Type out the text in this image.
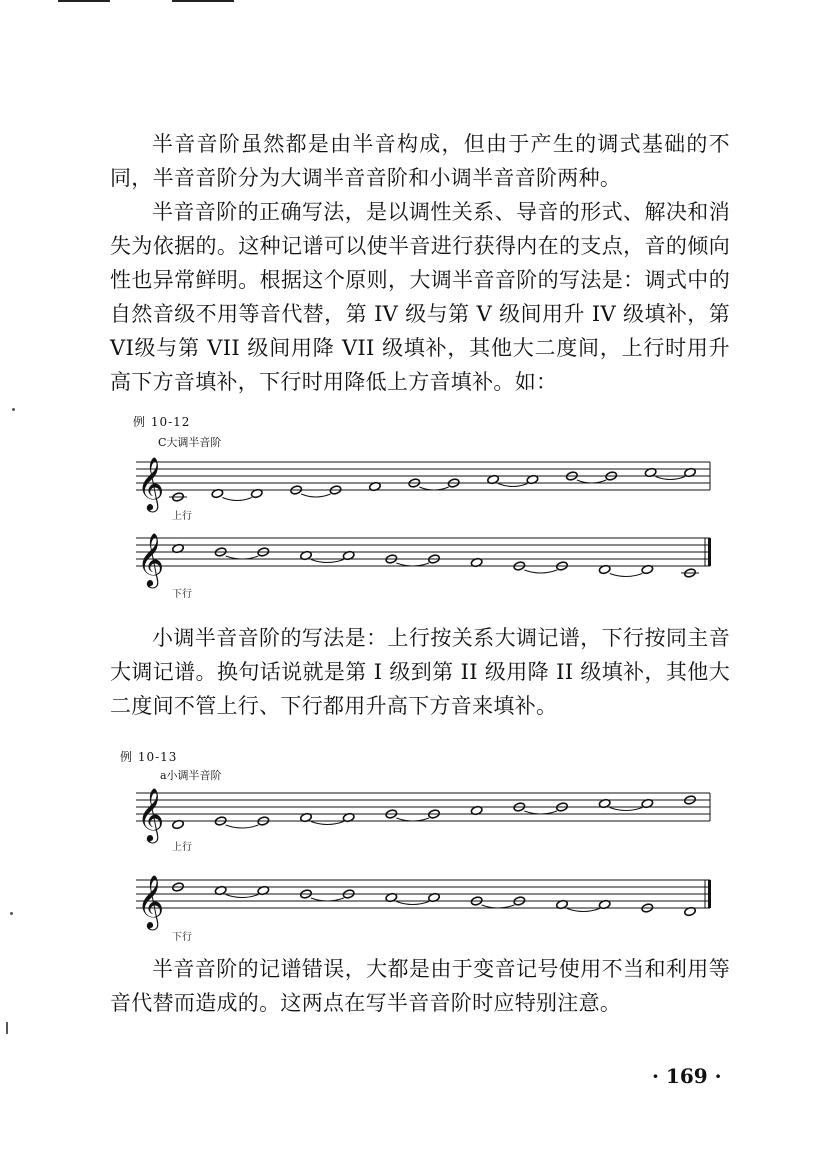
半音音阶虽然都是由半音构成，但由于产生的调式基础的不同，半音音阶分为大调半音音阶和小调半音音阶两种。

半音音阶的正确写法，是以调性关系、导音的形式、解决和消失为依据的。这种记谱可以使半音进行获得内在的支点，音的倾向性也异常鲜明。根据这个原则，大调半音音阶的写法是：调式中的自然音级不用等音代替，第 IV 级与第 V 级间用升 IV 级填补，第VI级与第 VII 级间用降 VII 级填补，其他大二度间，上行时用升高下方音填补，下行时用降低上方音填补。如：

例 10-12
C大调半音阶
𝄞
上行
𝄞
下行

小调半音音阶的写法是：上行按关系大调记谱，下行按同主音大调记谱。换句话说就是第 I 级到第 II 级用降 II 级填补，其他大二度间不管上行、下行都用升高下方音来填补。

例 10-13
a小调半音阶
𝄞
上行
𝄞
下行

半音音阶的记谱错误，大都是由于变音记号使用不当和利用等音代替而造成的。这两点在写半音音阶时应特别注意。

· 169 ·
